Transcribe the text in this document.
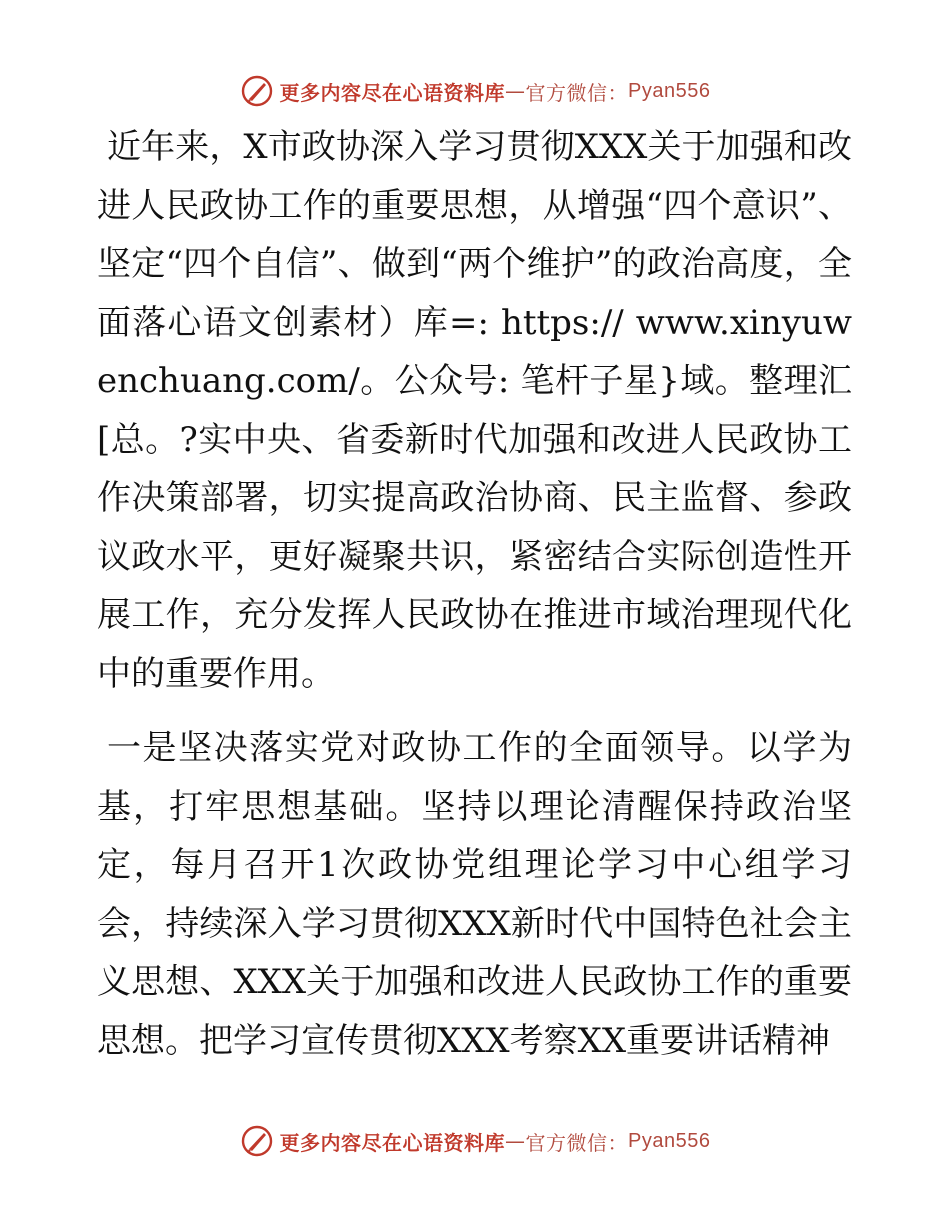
更多内容尽在心语资料库 — 官方微信： Pyan556

近年来，X市政协深入学习贯彻XXX关于加强和改进人民政协工作的重要思想，从增强“四个意识”、坚定“四个自信”、做到“两个维护”的政治高度，全面落心语文创素材）库=: https:// www.xinyuwenchuang.com/。公众号: 笔杆子星}域。整理汇[总。?实中央、省委新时代加强和改进人民政协工作决策部署，切实提高政治协商、民主监督、参政议政水平，更好凝聚共识，紧密结合实际创造性开展工作，充分发挥人民政协在推进市域治理现代化中的重要作用。

一是坚决落实党对政协工作的全面领导。以学为基，打牢思想基础。坚持以理论清醒保持政治坚定，每月召开1次政协党组理论学习中心组学习会，持续深入学习贯彻XXX新时代中国特色社会主义思想、XXX关于加强和改进人民政协工作的重要思想。把学习宣传贯彻XXX考察XX重要讲话精神

更多内容尽在心语资料库 — 官方微信： Pyan556
